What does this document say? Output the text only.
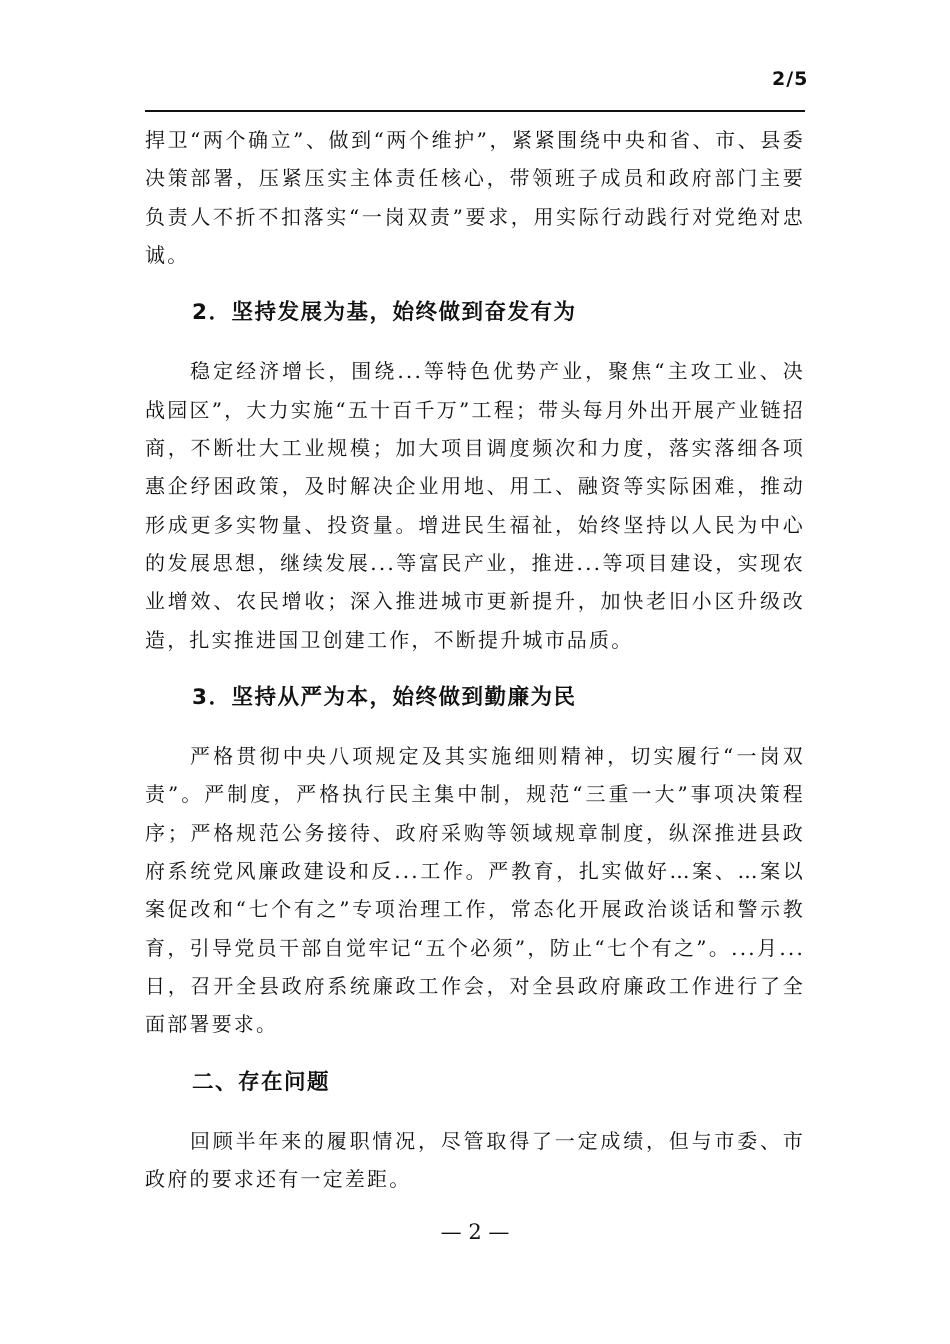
2/5

捍卫“两个确立”、做到“两个维护”，紧紧围绕中央和省、市、县委决策部署，压紧压实主体责任核心，带领班子成员和政府部门主要负责人不折不扣落实“一岗双责”要求，用实际行动践行对党绝对忠诚。

2．坚持发展为基，始终做到奋发有为

稳定经济增长，围绕...等特色优势产业，聚焦“主攻工业、决战园区”，大力实施“五十百千万”工程；带头每月外出开展产业链招商，不断壮大工业规模；加大项目调度频次和力度，落实落细各项惠企纾困政策，及时解决企业用地、用工、融资等实际困难，推动形成更多实物量、投资量。增进民生福祉，始终坚持以人民为中心的发展思想，继续发展...等富民产业，推进...等项目建设，实现农业增效、农民增收；深入推进城市更新提升，加快老旧小区升级改造，扎实推进国卫创建工作，不断提升城市品质。

3．坚持从严为本，始终做到勤廉为民

严格贯彻中央八项规定及其实施细则精神，切实履行“一岗双责”。严制度，严格执行民主集中制，规范“三重一大”事项决策程序；严格规范公务接待、政府采购等领域规章制度，纵深推进县政府系统党风廉政建设和反...工作。严教育，扎实做好…案、…案以案促改和“七个有之”专项治理工作，常态化开展政治谈话和警示教育，引导党员干部自觉牢记“五个必须”，防止“七个有之”。...月...日，召开全县政府系统廉政工作会，对全县政府廉政工作进行了全面部署要求。

二、存在问题

回顾半年来的履职情况，尽管取得了一定成绩，但与市委、市政府的要求还有一定差距。

— 2 —
